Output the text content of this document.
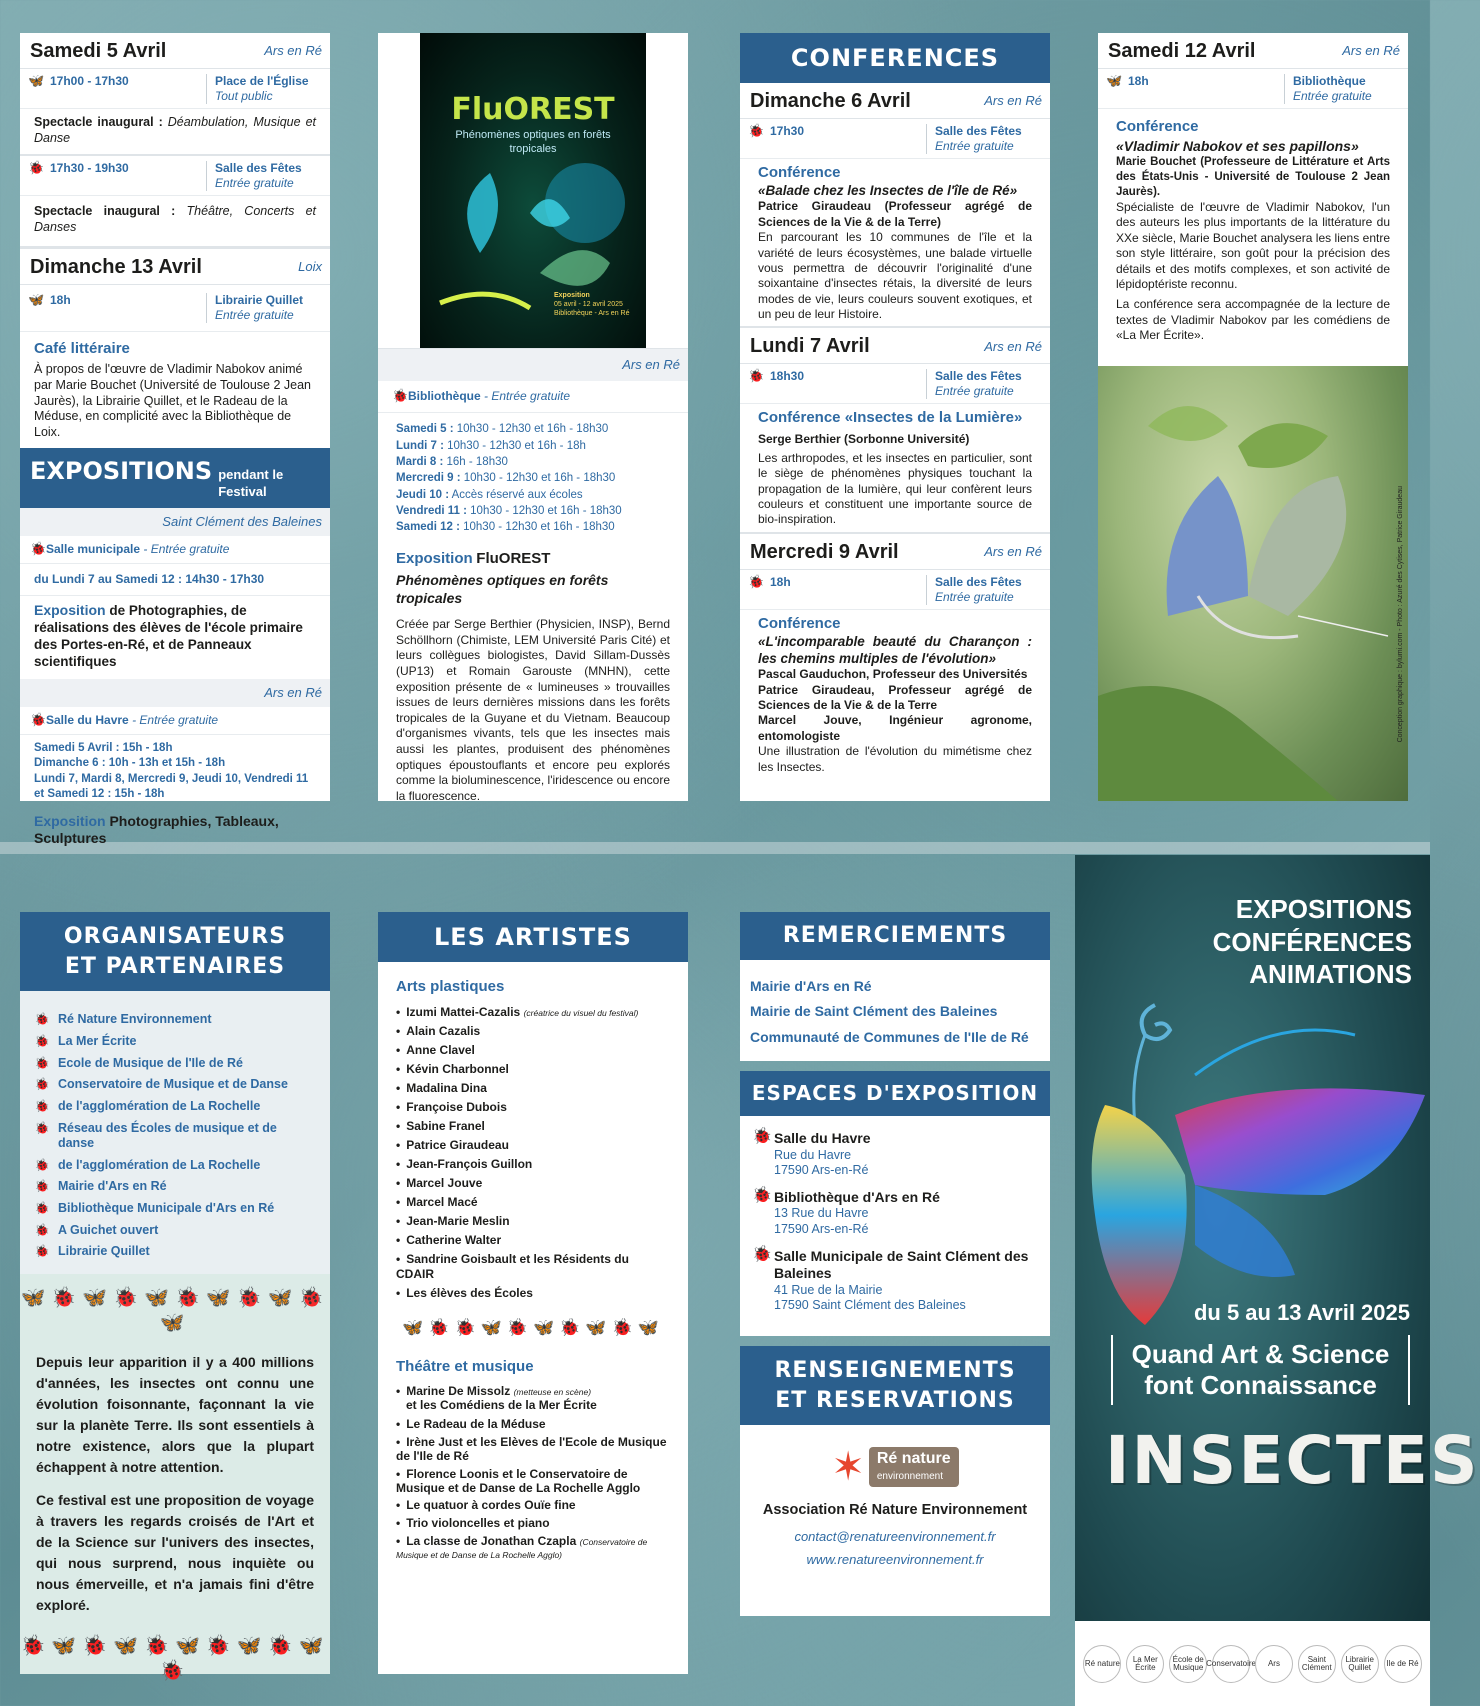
Samedi 5 Avril	Ars en Ré
🦋 17h00 - 17h30	Place de l'Église
Tout public
Spectacle inaugural : Déambulation, Musique et Danse
🐞 17h30 - 19h30	Salle des Fêtes
Entrée gratuite
Spectacle inaugural : Théâtre, Concerts et Danses
Dimanche 13 Avril	Loix
🦋 18h	Librairie Quillet
Entrée gratuite
Café littéraire
À propos de l'œuvre de Vladimir Nabokov animé par Marie Bouchet (Université de Toulouse 2 Jean Jaurès), la Librairie Quillet, et le Radeau de la Méduse, en complicité avec la Bibliothèque de Loix.
EXPOSITIONS pendant le Festival
Saint Clément des Baleines
🐞 Salle municipale
- Entrée gratuite
du Lundi 7 au Samedi 12 : 14h30 - 17h30
Exposition de Photographies, de réalisations des élèves de l'école primaire des Portes-en-Ré, et de Panneaux scientifiques
Ars en Ré
🐞 Salle du Havre
- Entrée gratuite
Samedi 5 Avril : 15h - 18h
Dimanche 6 : 10h - 13h et 15h - 18h
Lundi 7, Mardi 8, Mercredi 9, Jeudi 10, Vendredi 11 et Samedi 12 : 15h - 18h
Exposition Photographies, Tableaux, Sculptures
FluOREST
Phénomènes optiques en forêts tropicales
Exposition
05 avril - 12 avril 2025
Bibliothèque - Ars en Ré
Ars en Ré
🐞 Bibliothèque
- Entrée gratuite
Samedi 5 : 10h30 - 12h30 et 16h - 18h30
Lundi 7 : 10h30 - 12h30 et 16h - 18h
Mardi 8 : 16h - 18h30
Mercredi 9 : 10h30 - 12h30 et 16h - 18h30
Jeudi 10 : Accès réservé aux écoles
Vendredi 11 : 10h30 - 12h30 et 16h - 18h30
Samedi 12 : 10h30 - 12h30 et 16h - 18h30
Exposition FluOREST
Phénomènes optiques en forêts tropicales
Créée par Serge Berthier (Physicien, INSP), Bernd Schöllhorn (Chimiste, LEM Université Paris Cité) et leurs collègues biologistes, David Sillam-Dussès (UP13) et Romain Garouste (MNHN), cette exposition présente de « lumineuses » trouvailles issues de leurs dernières missions dans les forêts tropicales de la Guyane et du Vietnam. Beaucoup d'organismes vivants, tels que les insectes mais aussi les plantes, produisent des phénomènes optiques époustouflants et encore peu explorés comme la bioluminescence, l'iridescence ou encore la fluorescence.
CONFERENCES
Dimanche 6 Avril	Ars en Ré
🐞 17h30	Salle des Fêtes
Entrée gratuite
Conférence
«Balade chez les Insectes de l'île de Ré»
Patrice Giraudeau (Professeur agrégé de Sciences de la Vie & de la Terre)
En parcourant les 10 communes de l'île et la variété de leurs écosystèmes, une balade virtuelle vous permettra de découvrir l'originalité d'une soixantaine d'insectes rétais, la diversité de leurs modes de vie, leurs couleurs souvent exotiques, et un peu de leur Histoire.
Lundi 7 Avril	Ars en Ré
🐞 18h30	Salle des Fêtes
Entrée gratuite
Conférence «Insectes de la Lumière»
Serge Berthier (Sorbonne Université)
Les arthropodes, et les insectes en particulier, sont le siège de phénomènes physiques touchant la propagation de la lumière, qui leur confèrent leurs couleurs et constituent une importante source de bio-inspiration.
Mercredi 9 Avril	Ars en Ré
🐞 18h	Salle des Fêtes
Entrée gratuite
Conférence
«L'incomparable beauté du Charançon : les chemins multiples de l'évolution»
Pascal Gauduchon, Professeur des Universités
Patrice Giraudeau, Professeur agrégé de Sciences de la Vie & de la Terre
Marcel Jouve, Ingénieur agronome, entomologiste
Une illustration de l'évolution du mimétisme chez les Insectes.
Samedi 12 Avril	Ars en Ré
🦋 18h	Bibliothèque
Entrée gratuite
Conférence
«Vladimir Nabokov et ses papillons»
Marie Bouchet (Professeure de Littérature et Arts des États-Unis - Université de Toulouse 2 Jean Jaurès).
Spécialiste de l'œuvre de Vladimir Nabokov, l'un des auteurs les plus importants de la littérature du XXe siècle, Marie Bouchet analysera les liens entre son style littéraire, son goût pour la précision des détails et des motifs complexes, et son activité de lépidoptériste reconnu.
La conférence sera accompagnée de la lecture de textes de Vladimir Nabokov par les comédiens de «La Mer Écrite».
Conception graphique : bylumi.com - Photo : Azuré des Cytises, Patrice Giraudeau
ORGANISATEURS
ET PARTENAIRES
🐞 Ré Nature Environnement
🐞 La Mer Écrite
🐞 Ecole de Musique de l'Ile de Ré
🐞 Conservatoire de Musique et de Danse
🐞 de l'agglomération de La Rochelle
🐞 Réseau des Écoles de musique et de danse
🐞 de l'agglomération de La Rochelle
🐞 Mairie d'Ars en Ré
🐞 Bibliothèque Municipale d'Ars en Ré
🐞 A Guichet ouvert
🐞 Librairie Quillet
🦋🐞🦋🐞🦋🐞🦋🐞🦋🐞🦋
Depuis leur apparition il y a 400 millions d'années, les insectes ont connu une évolution foisonnante, façonnant la vie sur la planète Terre. Ils sont essentiels à notre existence, alors que la plupart échappent à notre attention.
Ce festival est une proposition de voyage à travers les regards croisés de l'Art et de la Science sur l'univers des insectes, qui nous surprend, nous inquiète ou nous émerveille, et n'a jamais fini d'être exploré.
🐞🦋🐞🦋🐞🦋🐞🦋🐞🦋🐞
LES ARTISTES
Arts plastiques
• Izumi Mattei-Cazalis (créatrice du visuel du festival)
• Alain Cazalis
• Anne Clavel
• Kévin Charbonnel
• Madalina Dina
• Françoise Dubois
• Sabine Franel
• Patrice Giraudeau
• Jean-François Guillon
• Marcel Jouve
• Marcel Macé
• Jean-Marie Meslin
• Catherine Walter
• Sandrine Goisbault et les Résidents du CDAIR
• Les élèves des Écoles
🦋🐞🐞🦋🐞🦋🐞🦋🐞🦋
Théâtre et musique
• Marine De Missolz (metteuse en scène)
et les Comédiens de la Mer Écrite
• Le Radeau de la Méduse
• Irène Just et les Elèves de l'Ecole de Musique de l'Ile de Ré
• Florence Loonis et le Conservatoire de Musique et de Danse de La Rochelle Agglo
• Le quatuor à cordes Ouïe fine
• Trio violoncelles et piano
• La classe de Jonathan Czapla (Conservatoire de Musique et de Danse de La Rochelle Agglo)
REMERCIEMENTS
Mairie d'Ars en Ré
Mairie de Saint Clément des Baleines
Communauté de Communes de l'Ile de Ré
ESPACES D'EXPOSITION
🐞 Salle du Havre
Rue du Havre
17590 Ars-en-Ré
🐞 Bibliothèque d'Ars en Ré
13 Rue du Havre
17590 Ars-en-Ré
🐞 Salle Municipale de Saint Clément des Baleines
41 Rue de la Mairie
17590 Saint Clément des Baleines
RENSEIGNEMENTS
ET RESERVATIONS
✶ Ré nature
environnement
Association Ré Nature Environnement
contact@renatureenvironnement.fr
www.renatureenvironnement.fr
EXPOSITIONS
CONFÉRENCES
ANIMATIONS
du 5 au 13 Avril 2025
Quand Art & Science
font Connaissance
INSECTES
Ré nature	La Mer Écrite
École de Musique Conservatoire	Ars	Saint Clément
Librairie Quillet	Ile de Ré
